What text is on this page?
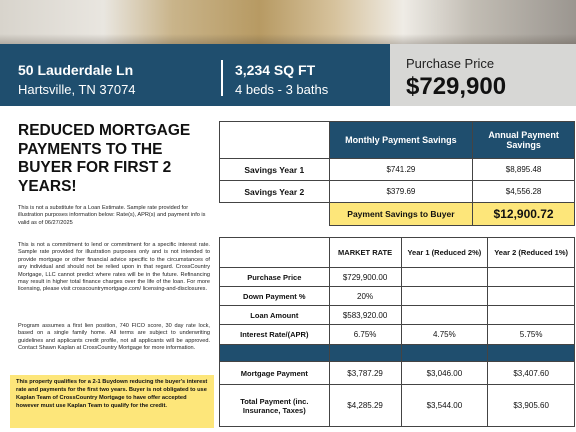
50 Lauderdale Ln
Hartsville, TN 37074
3,234 SQ FT
4 beds - 3 baths
Purchase Price
$729,900
REDUCED MORTGAGE PAYMENTS TO THE BUYER FOR FIRST 2 YEARS!
This is not a substitute for a Loan Estimate. Sample rate provided for illustration purposes information below: Rate(s), APR(s) and payment info is valid as of 06/27/2025
This is not a commitment to lend or commitment for a specific interest rate. Sample rate provided for illustration purposes only and is not intended to provide mortgage or other financial advice specific to the circumstances of any individual and should not be relied upon in that regard. CrossCountry Mortgage, LLC cannot predict where rates will be in the future. Refinancing may result in higher total finance charges over the life of the loan. For more licensing, please visit crosscountrymortgage.com/ licensing-and-disclosures.
Program assumes a first lien position, 740 FICO score, 30 day rate lock, based on a single family home. All terms are subject to underwriting guidelines and applicants credit profile, not all applicants will be approved. Contact Shawn Kaplan at CrossCountry Mortgage for more information.
This property qualifies for a 2-1 Buydown reducing the buyer's interest rate and payments for the first two years. Buyer is not obligated to use Kaplan Team of CrossCountry Mortgage to have offer accepted however must use Kaplan Team to qualify for the credit.
	Monthly Payment Savings	Annual Payment Savings
Savings Year 1	$741.29	$8,895.48
Savings Year 2	$379.69	$4,556.28
	Payment Savings to Buyer	$12,900.72
	MARKET RATE	Year 1 (Reduced 2%)	Year 2 (Reduced 1%)
Purchase Price	$729,900.00		
Down Payment %	20%		
Loan Amount	$583,920.00		
Interest Rate/(APR)	6.75%	4.75%	5.75%

Mortgage Payment	$3,787.29	$3,046.00	$3,407.60
Total Payment (inc. Insurance, Taxes)	$4,285.29	$3,544.00	$3,905.60
